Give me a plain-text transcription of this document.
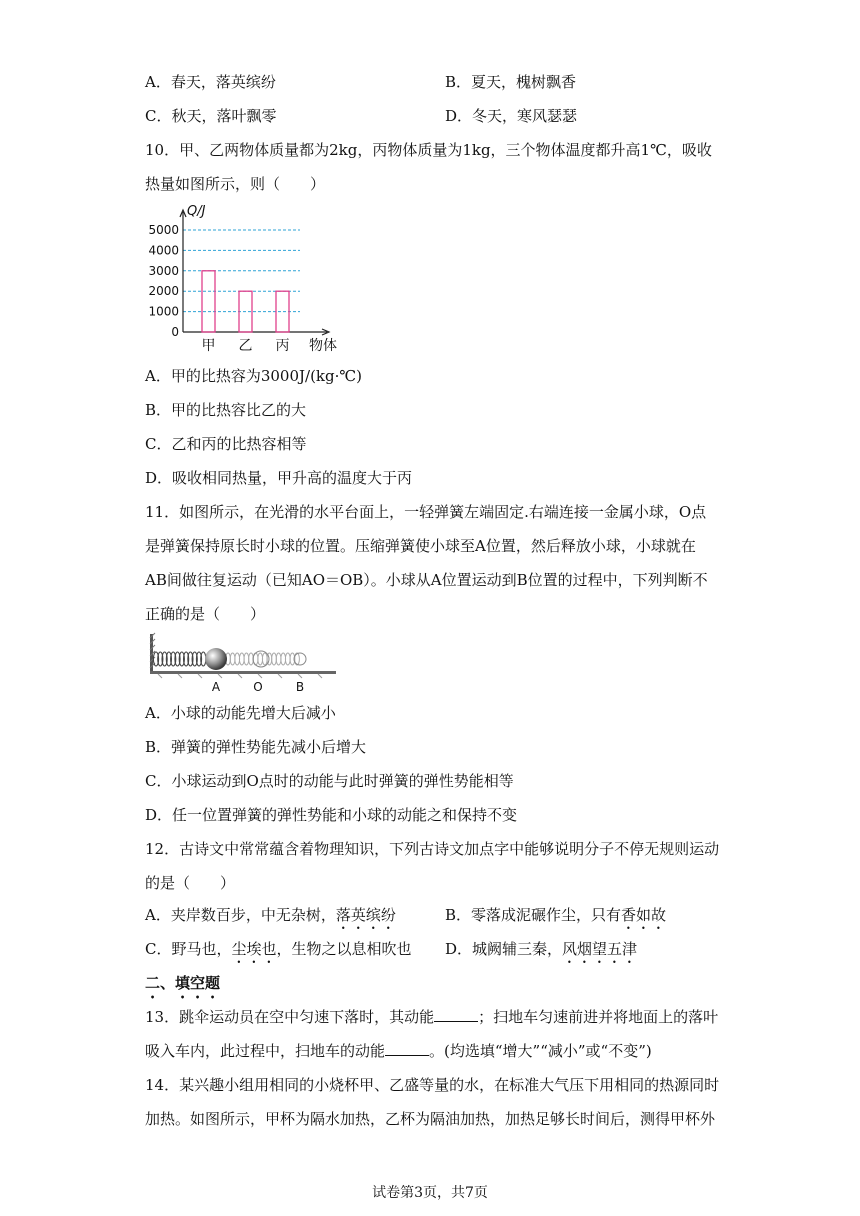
A．春天，落英缤纷	B．夏天，槐树飘香
C．秋天，落叶飘零	D．冬天，寒风瑟瑟
10．甲、乙两物体质量都为2kg，丙物体质量为1kg，三个物体温度都升高1℃，吸收
热量如图所示，则（　　）
0
1000
2000
3000
4000
5000
Q/J
物体
甲 乙 丙
A．甲的比热容为3000J/(kg·℃)
B．甲的比热容比乙的大
C．乙和丙的比热容相等
D．吸收相同热量，甲升高的温度大于丙
11．如图所示，在光滑的水平台面上，一轻弹簧左端固定.右端连接一金属小球，O点
是弹簧保持原长时小球的位置。压缩弹簧使小球至A位置，然后释放小球，小球就在
AB间做往复运动（已知AO＝OB）。小球从A位置运动到B位置的过程中，下列判断不
正确的是（　　）
A	O	B
A．小球的动能先增大后减小
B．弹簧的弹性势能先减小后增大
C．小球运动到O点时的动能与此时弹簧的弹性势能相等
D．任一位置弹簧的弹性势能和小球的动能之和保持不变
12．古诗文中常常蕴含着物理知识，下列古诗文加点字中能够说明分子不停无规则运动
的是（　　）
A．夹岸数百步，中无杂树，落英缤纷	B．零落成泥碾作尘，只有香如故
C．野马也，尘埃也，生物之以息相吹也 D．城阙辅三秦，风烟望五津
二、填空题
13．跳伞运动员在空中匀速下落时，其动能	；扫地车匀速前进并将地面上的落叶
吸入车内，此过程中，扫地车的动能	。(均选填“增大”“减小”或“不变”)
14．某兴趣小组用相同的小烧杯甲、乙盛等量的水，在标准大气压下用相同的热源同时
加热。如图所示，甲杯为隔水加热，乙杯为隔油加热，加热足够长时间后，测得甲杯外
试卷第3页，共7页
